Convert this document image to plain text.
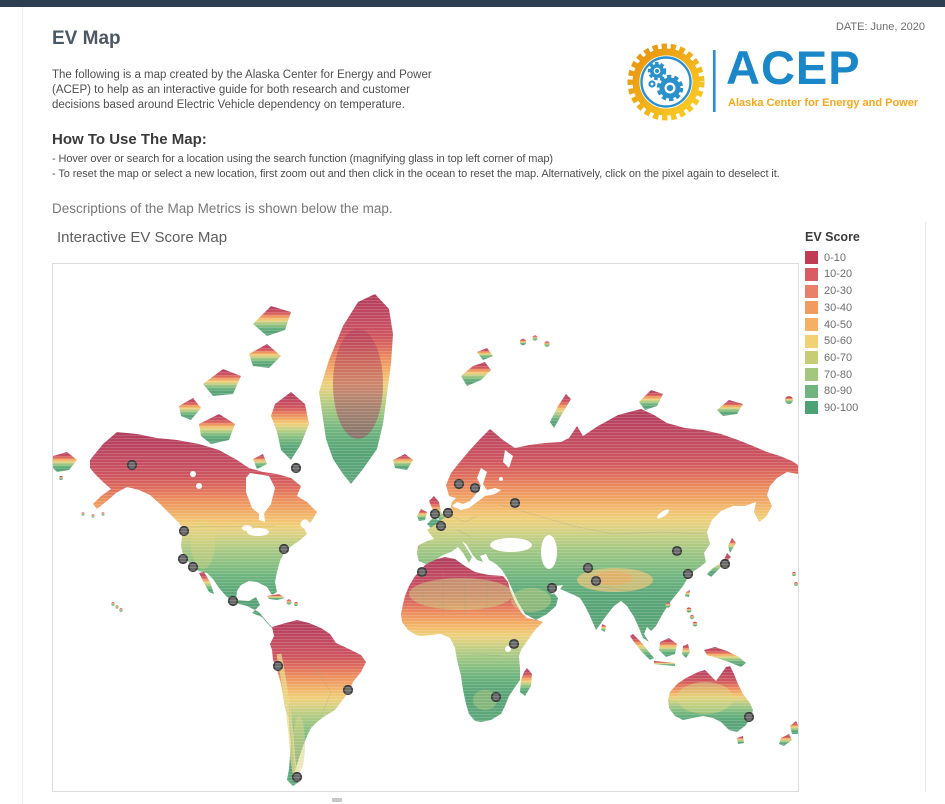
EV Map
DATE: June, 2020
The following is a map created by the Alaska Center for Energy and Power
(ACEP) to help as an interactive guide for both research and customer
decisions based around Electric Vehicle dependency on temperature.
ACEP
Alaska Center for Energy and Power
How To Use The Map:
- Hover over or search for a location using the search function (magnifying glass in top left corner of map)
- To reset the map or select a new location, first zoom out and then click in the ocean to reset the map. Alternatively, click on the pixel again to deselect it.
Descriptions of the Map Metrics is shown below the map.
Interactive EV Score Map	EV Score
0-10
10-20
20-30
30-40
40-50
50-60
60-70
70-80
80-90
90-100
